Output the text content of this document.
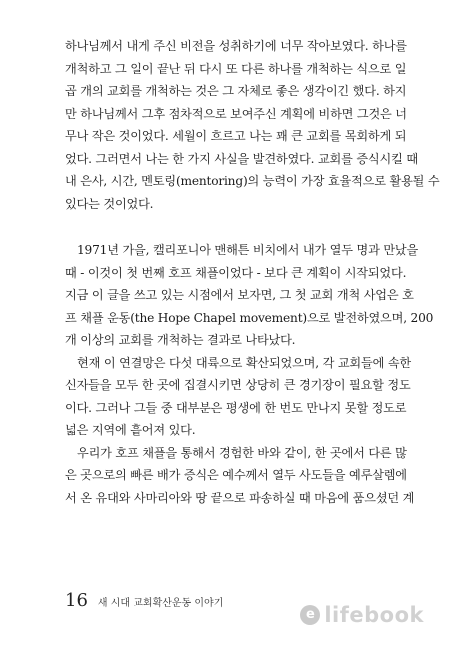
하나님께서 내게 주신 비전을 성취하기에 너무 작아보였다. 하나를
개척하고 그 일이 끝난 뒤 다시 또 다른 하나를 개척하는 식으로 일
곱 개의 교회를 개척하는 것은 그 자체로 좋은 생각이긴 했다. 하지
만 하나님께서 그후 점차적으로 보여주신 계획에 비하면 그것은 너
무나 작은 것이었다. 세월이 흐르고 나는 꽤 큰 교회를 목회하게 되
었다. 그러면서 나는 한 가지 사실을 발견하였다. 교회를 증식시킬 때
내 은사, 시간, 멘토링(mentoring)의 능력이 가장 효율적으로 활용될 수
있다는 것이었다.
1971년 가을, 캘리포니아 맨해튼 비치에서 내가 열두 명과 만났을
때 - 이것이 첫 번째 호프 채플이었다 - 보다 큰 계획이 시작되었다.
지금 이 글을 쓰고 있는 시점에서 보자면, 그 첫 교회 개척 사업은 호
프 채플 운동(the Hope Chapel movement)으로 발전하였으며, 200
개 이상의 교회를 개척하는 결과로 나타났다.
현재 이 연결망은 다섯 대륙으로 확산되었으며, 각 교회들에 속한
신자들을 모두 한 곳에 집결시키면 상당히 큰 경기장이 필요할 정도
이다. 그러나 그들 중 대부분은 평생에 한 번도 만나지 못할 정도로
넓은 지역에 흩어져 있다.
우리가 호프 채플을 통해서 경험한 바와 같이, 한 곳에서 다른 많
은 곳으로의 빠른 배가 증식은 예수께서 열두 사도들을 예루살렘에
서 온 유대와 사마리아와 땅 끝으로 파송하실 때 마음에 품으셨던 계
16 새 시대 교회확산운동 이야기
e lifebook
